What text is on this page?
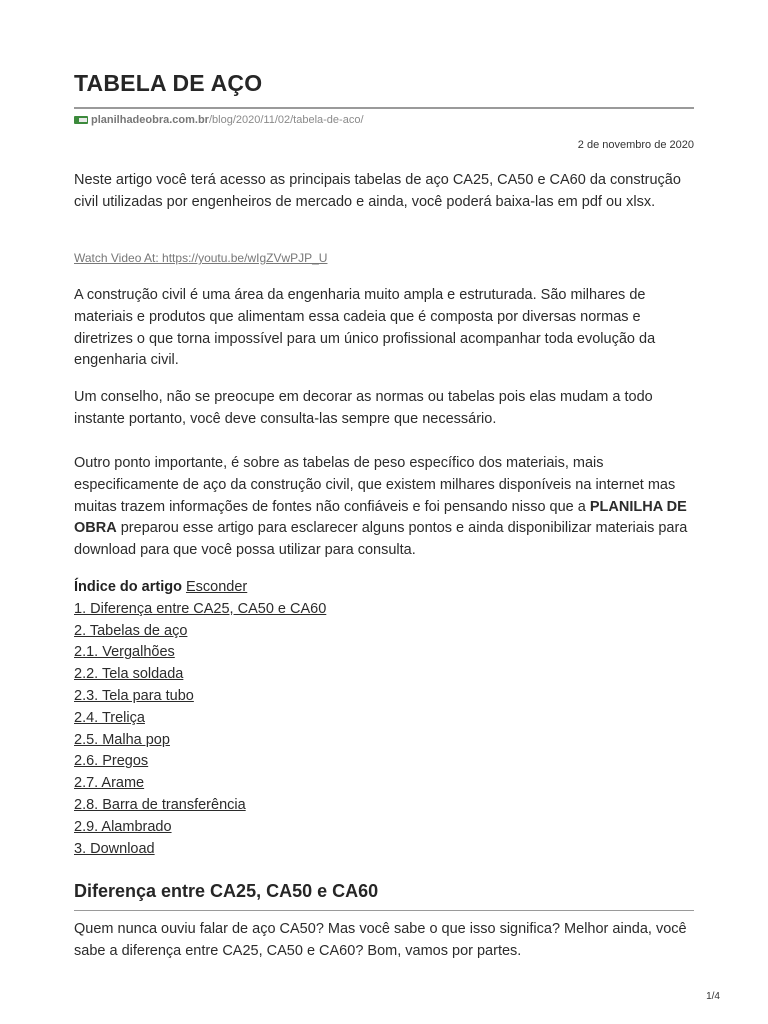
TABELA DE AÇO
planilhadeobra.com.br /blog/2020/11/02/tabela-de-aco/
2 de novembro de 2020

Neste artigo você terá acesso as principais tabelas de aço CA25, CA50 e CA60 da construção civil utilizadas por engenheiros de mercado e ainda, você poderá baixa-las em pdf ou xlsx.

Watch Video At: https://youtu.be/wIgZVwPJP_U

A construção civil é uma área da engenharia muito ampla e estruturada. São milhares de materiais e produtos que alimentam essa cadeia que é composta por diversas normas e diretrizes o que torna impossível para um único profissional acompanhar toda evolução da engenharia civil.

Um conselho, não se preocupe em decorar as normas ou tabelas pois elas mudam a todo instante portanto, você deve consulta-las sempre que necessário.

Outro ponto importante, é sobre as tabelas de peso específico dos materiais, mais especificamente de aço da construção civil, que existem milhares disponíveis na internet mas muitas trazem informações de fontes não confiáveis e foi pensando nisso que a PLANILHA DE OBRA preparou esse artigo para esclarecer alguns pontos e ainda disponibilizar materiais para download para que você possa utilizar para consulta.

Índice do artigo Esconder
1. Diferença entre CA25, CA50 e CA60
2. Tabelas de aço
2.1. Vergalhões
2.2. Tela soldada
2.3. Tela para tubo
2.4. Treliça
2.5. Malha pop
2.6. Pregos
2.7. Arame
2.8. Barra de transferência
2.9. Alambrado
3. Download
Diferença entre CA25, CA50 e CA60

Quem nunca ouviu falar de aço CA50? Mas você sabe o que isso significa? Melhor ainda, você sabe a diferença entre CA25, CA50 e CA60? Bom, vamos por partes.

1/4
